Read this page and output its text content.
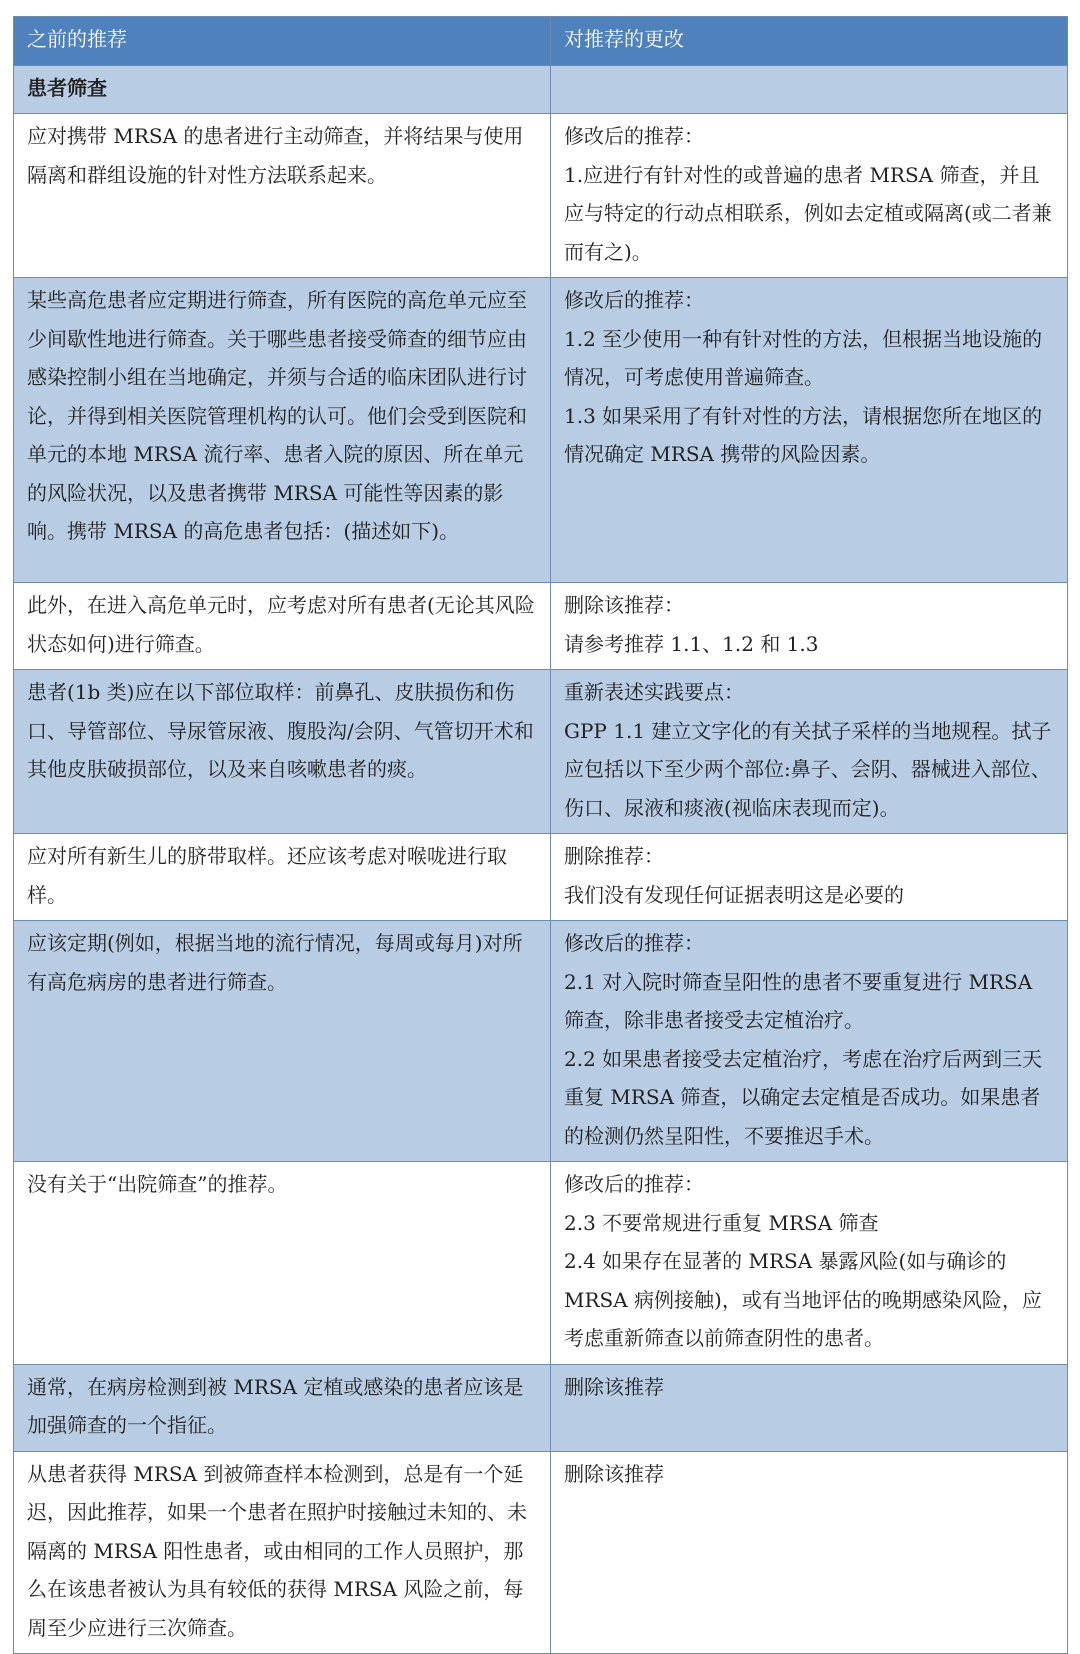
之前的推荐	对推荐的更改
患者筛查	

应对携带 MRSA 的患者进行主动筛查，并将结果与使用隔离和群组设施的针对性方法联系起来。	修改后的推荐：

1.应进行有针对性的或普遍的患者 MRSA 筛查，并且应与特定的行动点相联系，例如去定植或隔离(或二者兼而有之)。

某些高危患者应定期进行筛查，所有医院的高危单元应至少间歇性地进行筛查。关于哪些患者接受筛查的细节应由感染控制小组在当地确定，并须与合适的临床团队进行讨论，并得到相关医院管理机构的认可。他们会受到医院和单元的本地 MRSA 流行率、患者入院的原因、所在单元的风险状况，以及患者携带 MRSA 可能性等因素的影响。携带 MRSA 的高危患者包括：(描述如下)。	修改后的推荐：

1.2 至少使用一种有针对性的方法，但根据当地设施的情况，可考虑使用普遍筛查。

1.3 如果采用了有针对性的方法，请根据您所在地区的情况确定 MRSA 携带的风险因素。

此外，在进入高危单元时，应考虑对所有患者(无论其风险状态如何)进行筛查。	删除该推荐：

请参考推荐 1.1、1.2 和 1.3

患者(1b 类)应在以下部位取样：前鼻孔、皮肤损伤和伤口、导管部位、导尿管尿液、腹股沟/会阴、气管切开术和其他皮肤破损部位，以及来自咳嗽患者的痰。	重新表述实践要点：

GPP 1.1 建立文字化的有关拭子采样的当地规程。拭子应包括以下至少两个部位:鼻子、会阴、器械进入部位、伤口、尿液和痰液(视临床表现而定)。

应对所有新生儿的脐带取样。还应该考虑对喉咙进行取样。	删除推荐：

我们没有发现任何证据表明这是必要的

应该定期(例如，根据当地的流行情况，每周或每月)对所有高危病房的患者进行筛查。	修改后的推荐：

2.1 对入院时筛查呈阳性的患者不要重复进行 MRSA 筛查，除非患者接受去定植治疗。

2.2 如果患者接受去定植治疗，考虑在治疗后两到三天重复 MRSA 筛查，以确定去定植是否成功。如果患者的检测仍然呈阳性，不要推迟手术。

没有关于“出院筛查”的推荐。	修改后的推荐：

2.3 不要常规进行重复 MRSA 筛查

2.4 如果存在显著的 MRSA 暴露风险(如与确诊的 MRSA 病例接触)，或有当地评估的晚期感染风险，应考虑重新筛查以前筛查阴性的患者。

通常，在病房检测到被 MRSA 定植或感染的患者应该是加强筛查的一个指征。	删除该推荐

从患者获得 MRSA 到被筛查样本检测到，总是有一个延迟，因此推荐，如果一个患者在照护时接触过未知的、未隔离的 MRSA 阳性患者，或由相同的工作人员照护，那么在该患者被认为具有较低的获得 MRSA 风险之前，每周至少应进行三次筛查。	删除该推荐
